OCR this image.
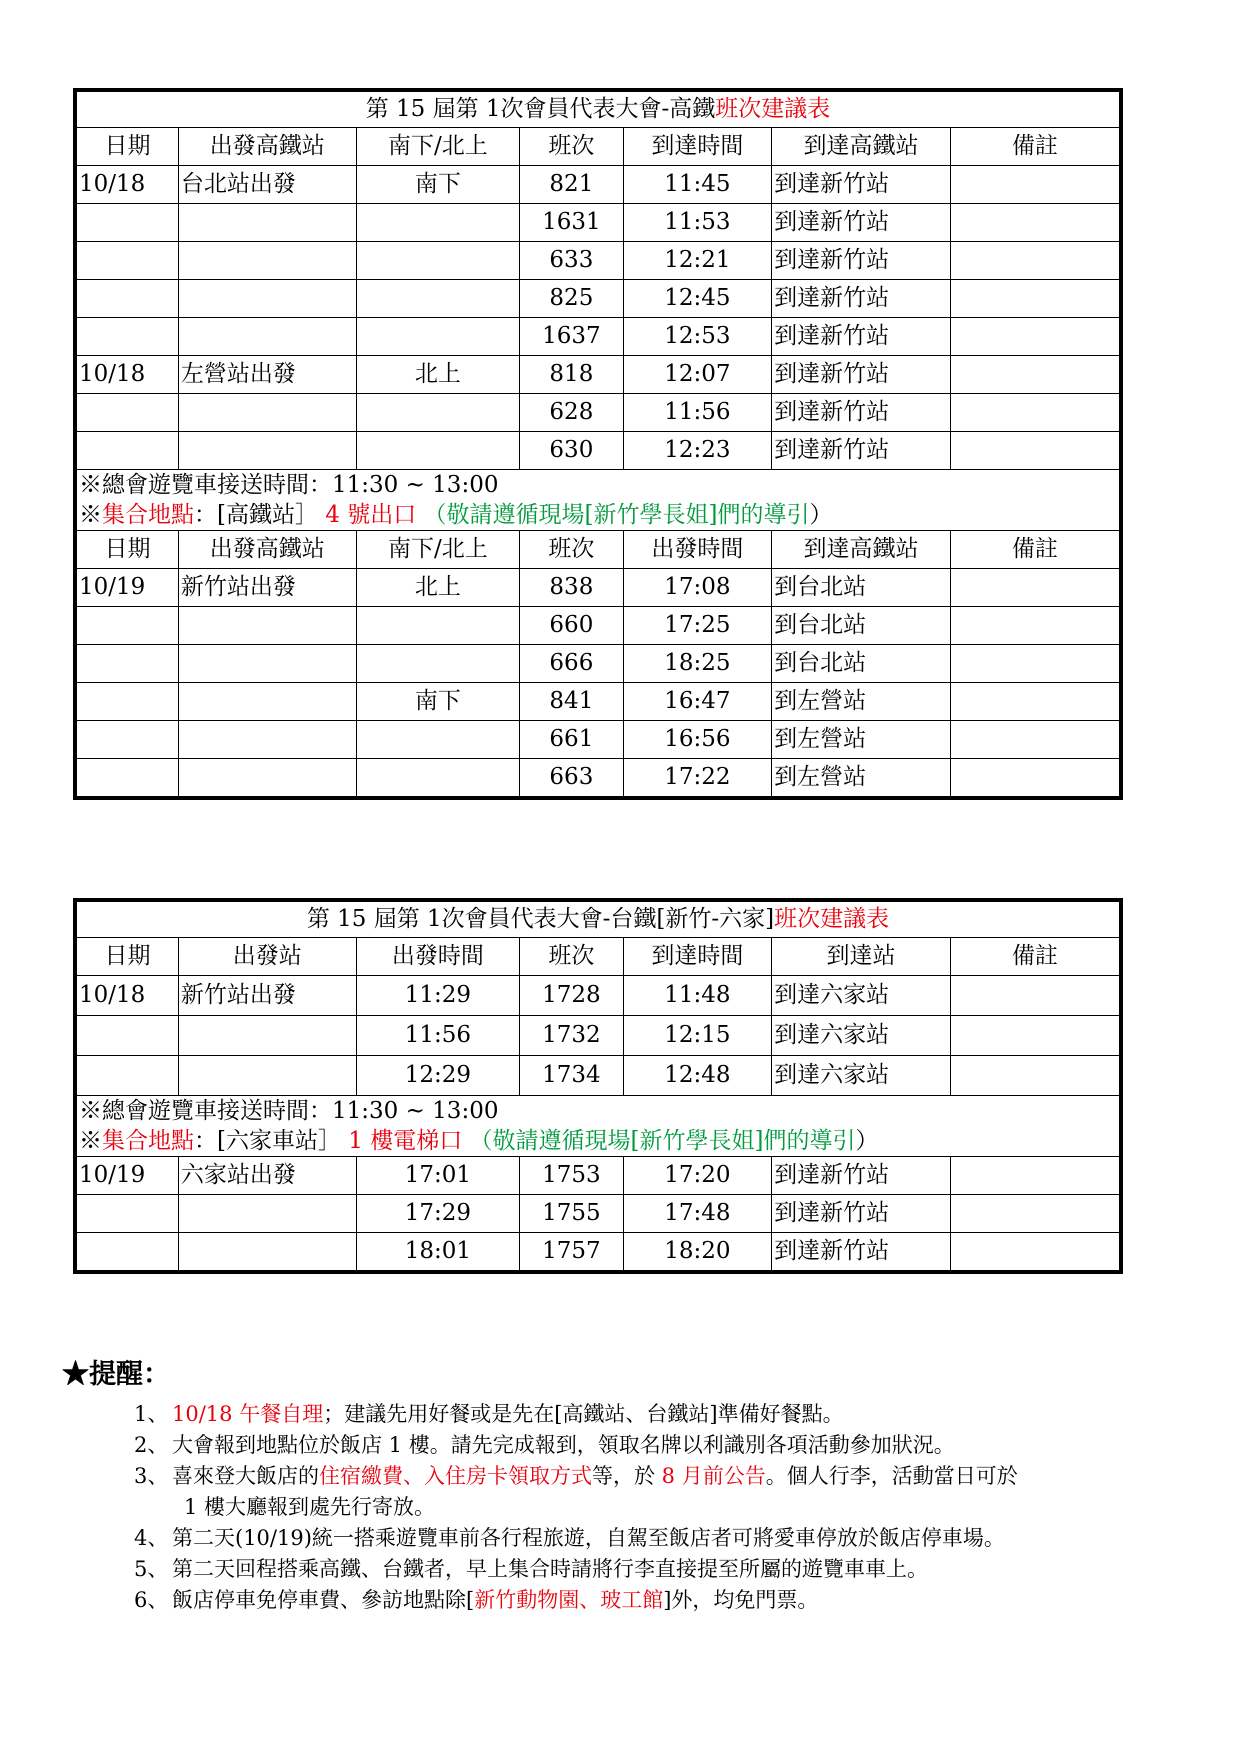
第 15 屆第 1次會員代表大會-高鐵班次建議表						
日期	出發高鐵站	南下/北上	班次	到達時間	到達高鐵站	備註
10/18	台北站出發	南下	821	11:45	到達新竹站	
			1631	11:53	到達新竹站	
			633	12:21	到達新竹站	
			825	12:45	到達新竹站	
			1637	12:53	到達新竹站	
10/18	左營站出發	北上	818	12:07	到達新竹站	
			628	11:56	到達新竹站	
			630	12:23	到達新竹站	
※總會遊覽車接送時間：11:30 ~ 13:00						
※集合地點：[高鐵站］ 4 號出口 （敬請遵循現場[新竹學長姐]們的導引）						
日期	出發高鐵站	南下/北上	班次	出發時間	到達高鐵站	備註
10/19	新竹站出發	北上	838	17:08	到台北站	
			660	17:25	到台北站	
			666	18:25	到台北站	
		南下	841	16:47	到左營站	
			661	16:56	到左營站	
			663	17:22	到左營站	
第 15 屆第 1次會員代表大會-台鐵[新竹-六家]班次建議表						
日期	出發站	出發時間	班次	到達時間	到達站	備註
10/18	新竹站出發	11:29	1728	11:48	到達六家站	
		11:56	1732	12:15	到達六家站	
		12:29	1734	12:48	到達六家站	
※總會遊覽車接送時間：11:30 ~ 13:00						
※集合地點：[六家車站］ 1 樓電梯口 （敬請遵循現場[新竹學長姐]們的導引）						
10/19	六家站出發	17:01	1753	17:20	到達新竹站	
		17:29	1755	17:48	到達新竹站	
		18:01	1757	18:20	到達新竹站	
★提醒：
1、 10/18 午餐自理；建議先用好餐或是先在[高鐵站、台鐵站]準備好餐點。
2、 大會報到地點位於飯店 1 樓。請先完成報到，領取名牌以利識別各項活動參加狀況。
3、 喜來登大飯店的住宿繳費、入住房卡領取方式等，於 8 月前公告。個人行李，活動當日可於
1 樓大廳報到處先行寄放。
4、 第二天(10/19)統一搭乘遊覽車前各行程旅遊，自駕至飯店者可將愛車停放於飯店停車場。
5、 第二天回程搭乘高鐵、台鐵者，早上集合時請將行李直接提至所屬的遊覽車車上。
6、 飯店停車免停車費、參訪地點除[新竹動物園、玻工館]外，均免門票。
